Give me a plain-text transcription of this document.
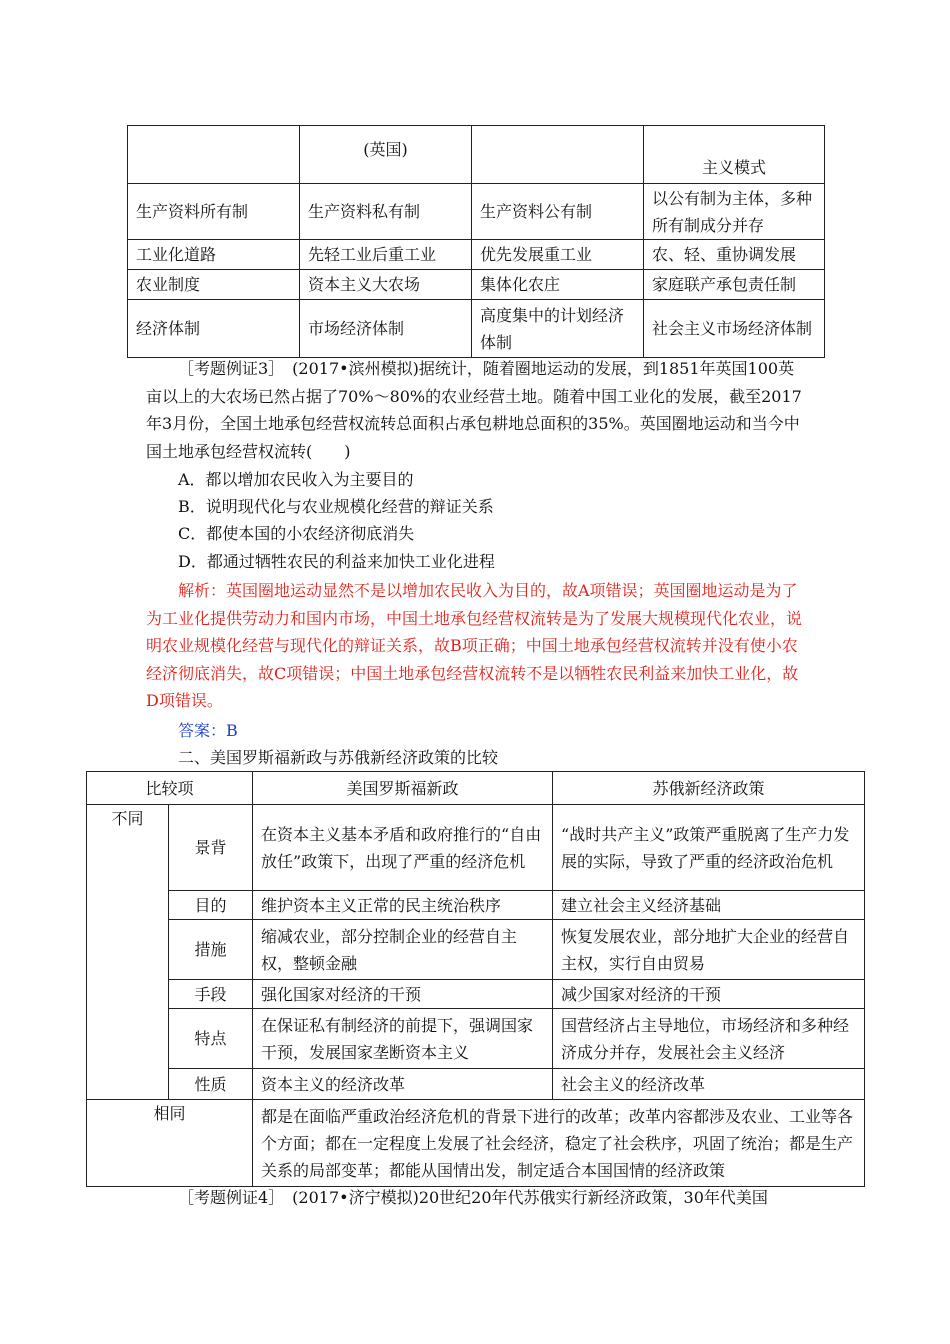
	(英国)		主义模式
生产资料所有制	生产资料私有制	生产资料公有制	以公有制为主体，多种所有制成分并存
工业化道路	先轻工业后重工业	优先发展重工业	农、轻、重协调发展
农业制度	资本主义大农场	集体化农庄	家庭联产承包责任制
经济体制	市场经济体制	高度集中的计划经济体制	社会主义市场经济体制
［考题例证3］　(2017•滨州模拟)据统计，随着圈地运动的发展，到1851年英国100英亩以上的大农场已然占据了70%～80%的农业经营土地。随着中国工业化的发展，截至2017年3月份，全国土地承包经营权流转总面积占承包耕地总面积的35%。英国圈地运动和当今中国土地承包经营权流转(　　)
A．都以增加农民收入为主要目的
B．说明现代化与农业规模化经营的辩证关系
C．都使本国的小农经济彻底消失
D．都通过牺牲农民的利益来加快工业化进程
解析：英国圈地运动显然不是以增加农民收入为目的，故A项错误；英国圈地运动是为了为工业化提供劳动力和国内市场，中国土地承包经营权流转是为了发展大规模现代化农业，说明农业规模化经营与现代化的辩证关系，故B项正确；中国土地承包经营权流转并没有使小农经济彻底消失，故C项错误；中国土地承包经营权流转不是以牺牲农民利益来加快工业化，故D项错误。
答案：B
二、美国罗斯福新政与苏俄新经济政策的比较
比较项		美国罗斯福新政	苏俄新经济政策
不同	景背	在资本主义基本矛盾和政府推行的“自由放任”政策下，出现了严重的经济危机	“战时共产主义”政策严重脱离了生产力发展的实际，导致了严重的经济政治危机
	目的	维护资本主义正常的民主统治秩序	建立社会主义经济基础
	措施	缩减农业，部分控制企业的经营自主权，整顿金融	恢复发展农业，部分地扩大企业的经营自主权，实行自由贸易
	手段	强化国家对经济的干预	减少国家对经济的干预
	特点	在保证私有制经济的前提下，强调国家干预，发展国家垄断资本主义	国营经济占主导地位，市场经济和多种经济成分并存，发展社会主义经济
	性质	资本主义的经济改革	社会主义的经济改革
相同		都是在面临严重政治经济危机的背景下进行的改革；改革内容都涉及农业、工业等各个方面；都在一定程度上发展了社会经济，稳定了社会秩序，巩固了统治；都是生产关系的局部变革；都能从国情出发，制定适合本国国情的经济政策	
［考题例证4］　(2017•济宁模拟)20世纪20年代苏俄实行新经济政策，30年代美国
